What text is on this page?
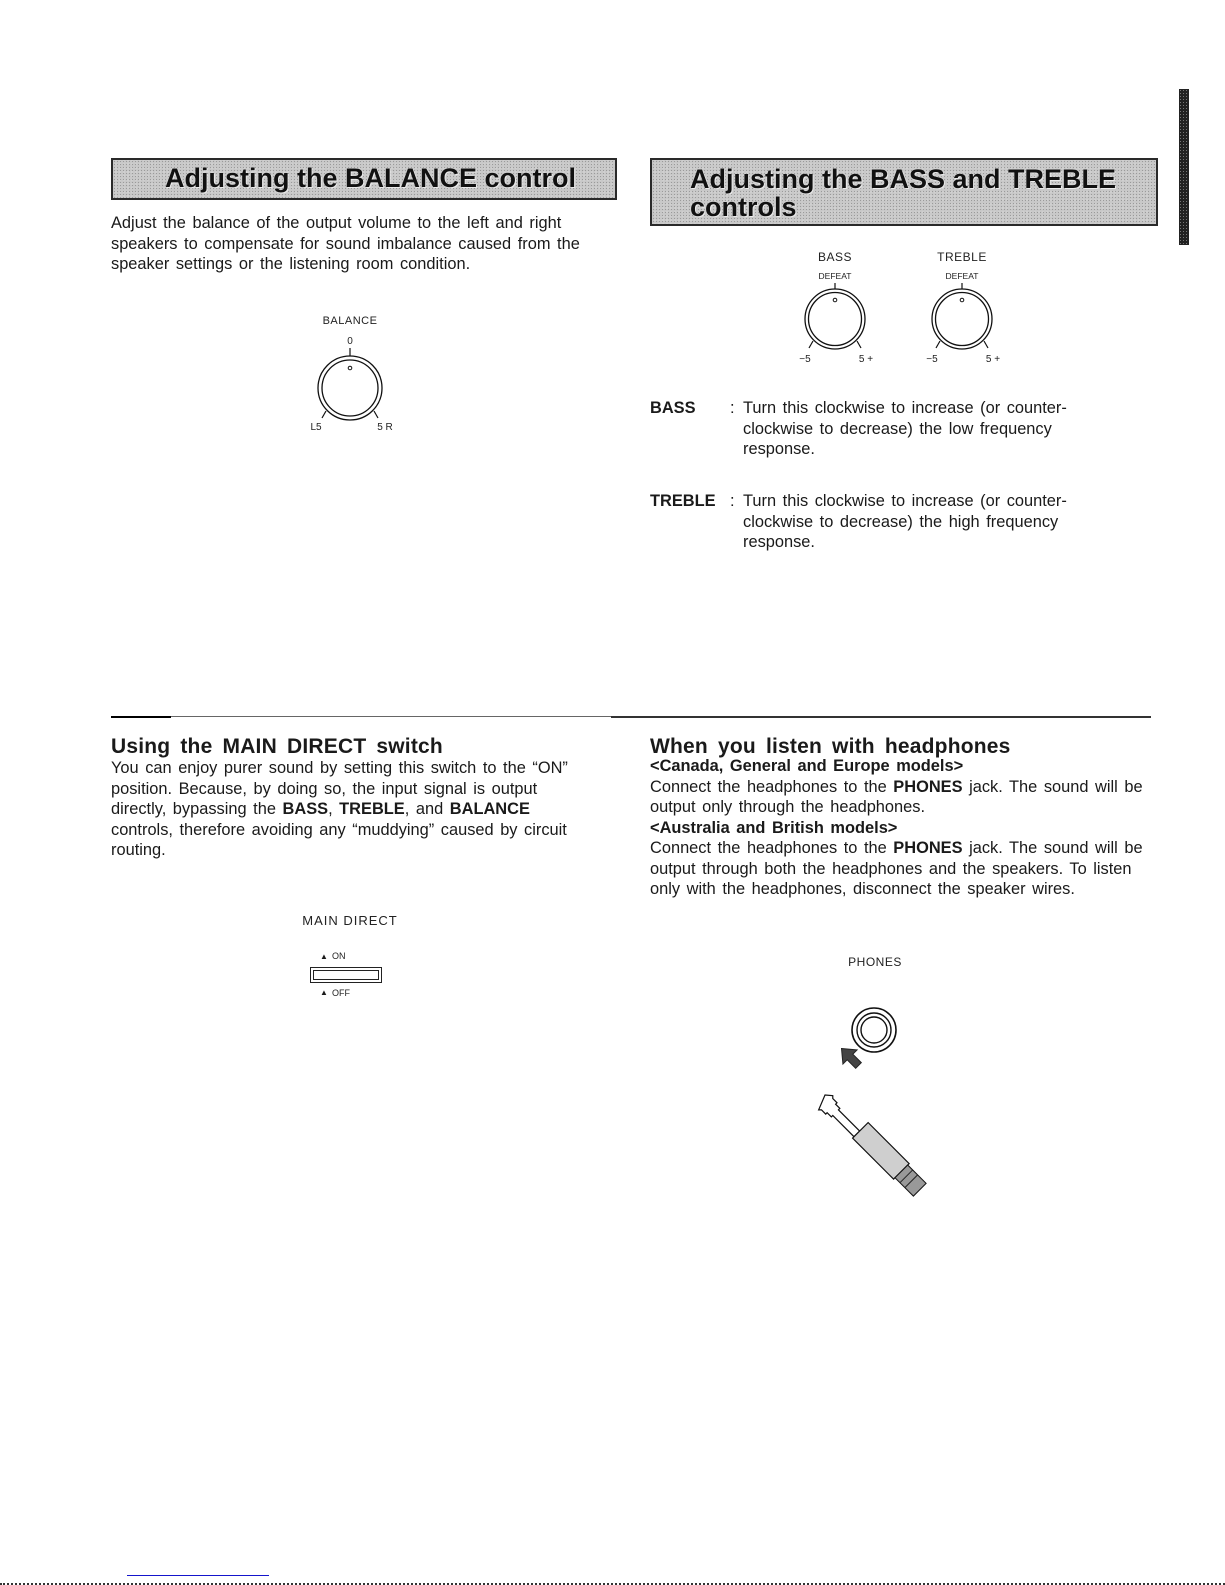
Adjusting the BALANCE control
Adjust the balance of the output volume to the left and right speakers to compensate for sound imbalance caused from the speaker settings or the listening room condition.
BALANCE
0
L5	5 R
Adjusting the BASS and TREBLE
controls
BASS
DEFEAT
−5	5 +
TREBLE
DEFEAT
−5	5 +
BASS : Turn this clockwise to increase (or counter-clockwise to decrease) the low frequency response.
TREBLE : Turn this clockwise to increase (or counter-clockwise to decrease) the high frequency response.
Using the MAIN DIRECT switch
You can enjoy purer sound by setting this switch to the “ON” position. Because, by doing so, the input signal is output directly, bypassing the BASS, TREBLE, and BALANCE controls, therefore avoiding any “muddying” caused by circuit routing.
MAIN DIRECT
▲ ON
▲ OFF
When you listen with headphones
<Canada, General and Europe models>
Connect the headphones to the PHONES jack. The sound will be output only through the headphones.
<Australia and British models>
Connect the headphones to the PHONES jack. The sound will be output through both the headphones and the speakers. To listen only with the headphones, disconnect the speaker wires.
PHONES
